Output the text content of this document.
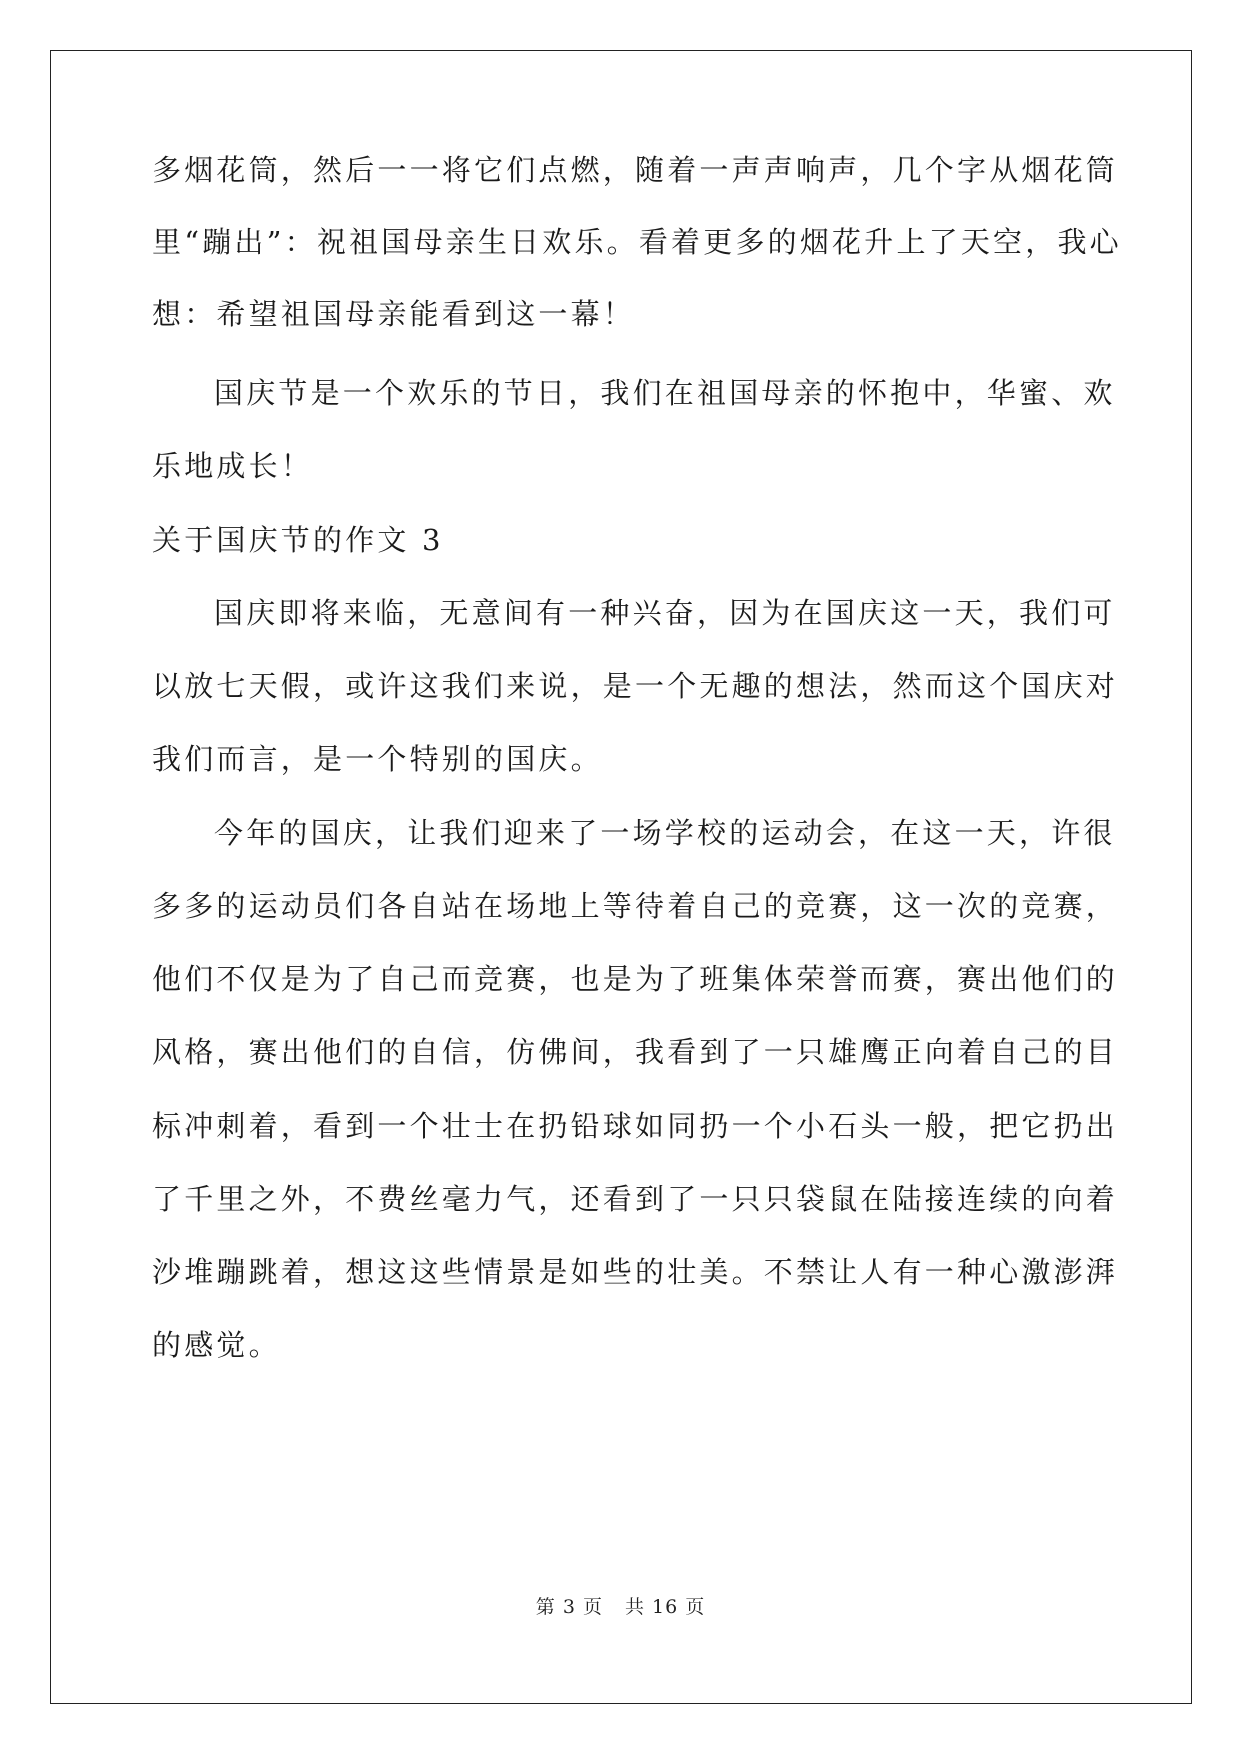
多烟花筒，然后一一将它们点燃，随着一声声响声，几个字从烟花筒
里“蹦出”：祝祖国母亲生日欢乐。看着更多的烟花升上了天空，我心
想：希望祖国母亲能看到这一幕！
国庆节是一个欢乐的节日，我们在祖国母亲的怀抱中，华蜜、欢
乐地成长！
关于国庆节的作文 3
国庆即将来临，无意间有一种兴奋，因为在国庆这一天，我们可
以放七天假，或许这我们来说，是一个无趣的想法，然而这个国庆对
我们而言，是一个特别的国庆。
今年的国庆，让我们迎来了一场学校的运动会，在这一天，许很
多多的运动员们各自站在场地上等待着自己的竞赛，这一次的竞赛，
他们不仅是为了自己而竞赛，也是为了班集体荣誉而赛，赛出他们的
风格，赛出他们的自信，仿佛间，我看到了一只雄鹰正向着自己的目
标冲刺着，看到一个壮士在扔铅球如同扔一个小石头一般，把它扔出
了千里之外，不费丝毫力气，还看到了一只只袋鼠在陆接连续的向着
沙堆蹦跳着，想这这些情景是如些的壮美。不禁让人有一种心激澎湃
的感觉。
第 3 页 共 16 页
